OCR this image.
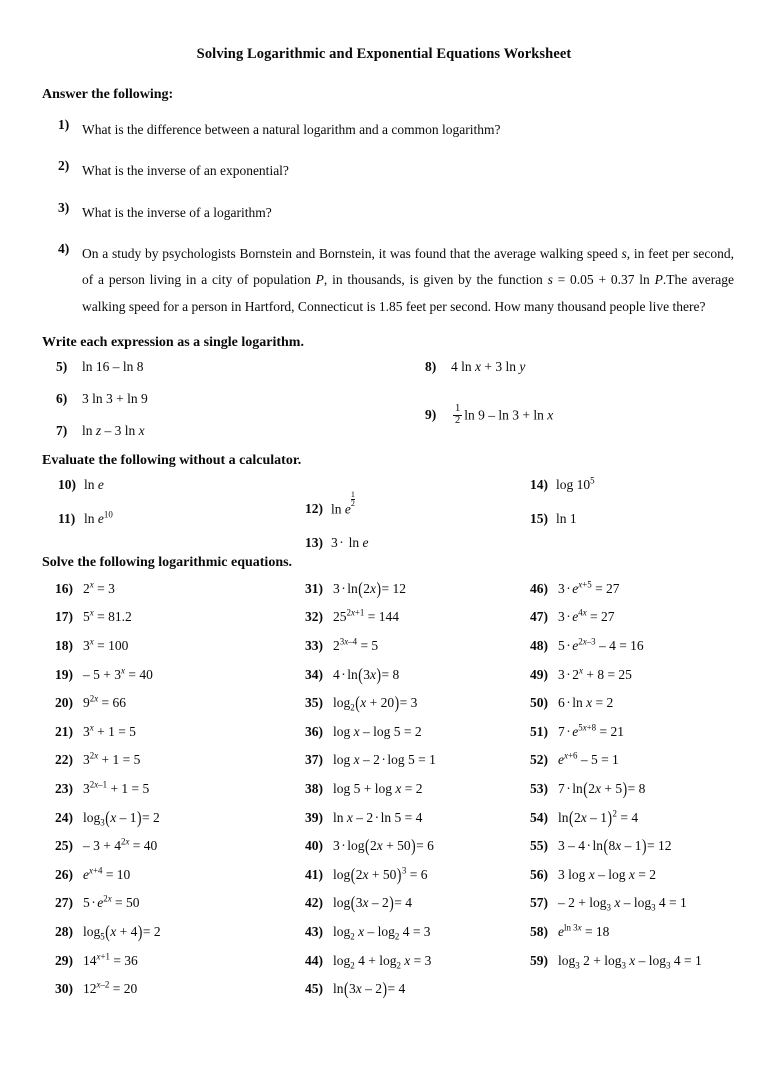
Solving Logarithmic and Exponential Equations Worksheet
Answer the following:
1) What is the difference between a natural logarithm and a common logarithm?
2) What is the inverse of an exponential?
3) What is the inverse of a logarithm?
4) On a study by psychologists Bornstein and Bornstein, it was found that the average walking speed s, in feet per second, of a person living in a city of population P, in thousands, is given by the function s = 0.05 + 0.37 ln P.The average walking speed for a person in Hartford, Connecticut is 1.85 feet per second. How many thousand people live there?
Write each expression as a single logarithm.
5)	ln 16 – ln 8
6)	3 ln 3 + ln 9
7)	ln z – 3 ln x
8)	4 ln x + 3 ln y
9)	$\frac{1}{2}$ ln 9 – ln 3 + ln x
Evaluate the following without a calculator.
10) ln e
11) $\ln e^{10}$	12) ln e
$\frac{1}{2}$
13) 3 · ln e
14) $\log 10^5$
15) ln 1
Solve the following logarithmic equations.
16) $2^x = 3$
17) $5^x = 81.2$
18) $3^x = 100$
$19) - 5 + 3^x = 40$
20) $9^{2x} = 66$
21) $3^x + 1 = 5$
22) $3^{2x} + 1 = 5$
23) $3^{2x-1} + 1 = 5$
24) $\log_3(x - 1)= 2$
$25) - 3 + 4^{2x} = 40$
26) $e^{x+4} = 10$
27) $5 \cdot e^{2x} = 50$
28) $\log_5(x + 4)= 2$
29) $14^{x+1} = 36$
30) $12^{x-2} = 20$
31) 3 · ln(2x)= 12
32) $25^{2x+1} = 144$
33) $2^{3x-4} = 5$
34) 4 · ln(3x)= 8
35) $\log_2(x + 20)= 3$
36) log x – log 5 = 2
37) log x – 2 · log 5 = 1
38) log 5 + log x = 2
39) ln x – 2 · ln 5 = 4
40) 3 · log(2x + 50)= 6
41) $\log(2x + 50)^3 = 6$
42) log(3x – 2)= 4
43) $\log_2 x - \log_2 4 = 3$
44) $\log_2 4 + \log_2 x = 3$
45) ln(3x – 2)= 4
46) $3 \cdot e^{x+5} = 27$
47) $3 \cdot e^{4x} = 27$
48) $5 \cdot e^{2x-3} - 4 = 16$
49) $3 \cdot 2^x + 8 = 25$
50) 6 · ln x = 2
51) $7 \cdot e^{5x+8} = 21$
52) $e^{x+6} - 5 = 1$
53) 7 · ln(2x + 5)= 8
54) ln(2x – 1)$^2$ = 4
55) 3 – 4 · ln(8x – 1)= 12
56) 3 log x – log x = 2
$57) - 2 + \log_3 x - \log_3 4 = 1$
58) $e^{ln 3x} = 18$
59) $\log_3 2 + \log_3 x - \log_3 4 = 1$
